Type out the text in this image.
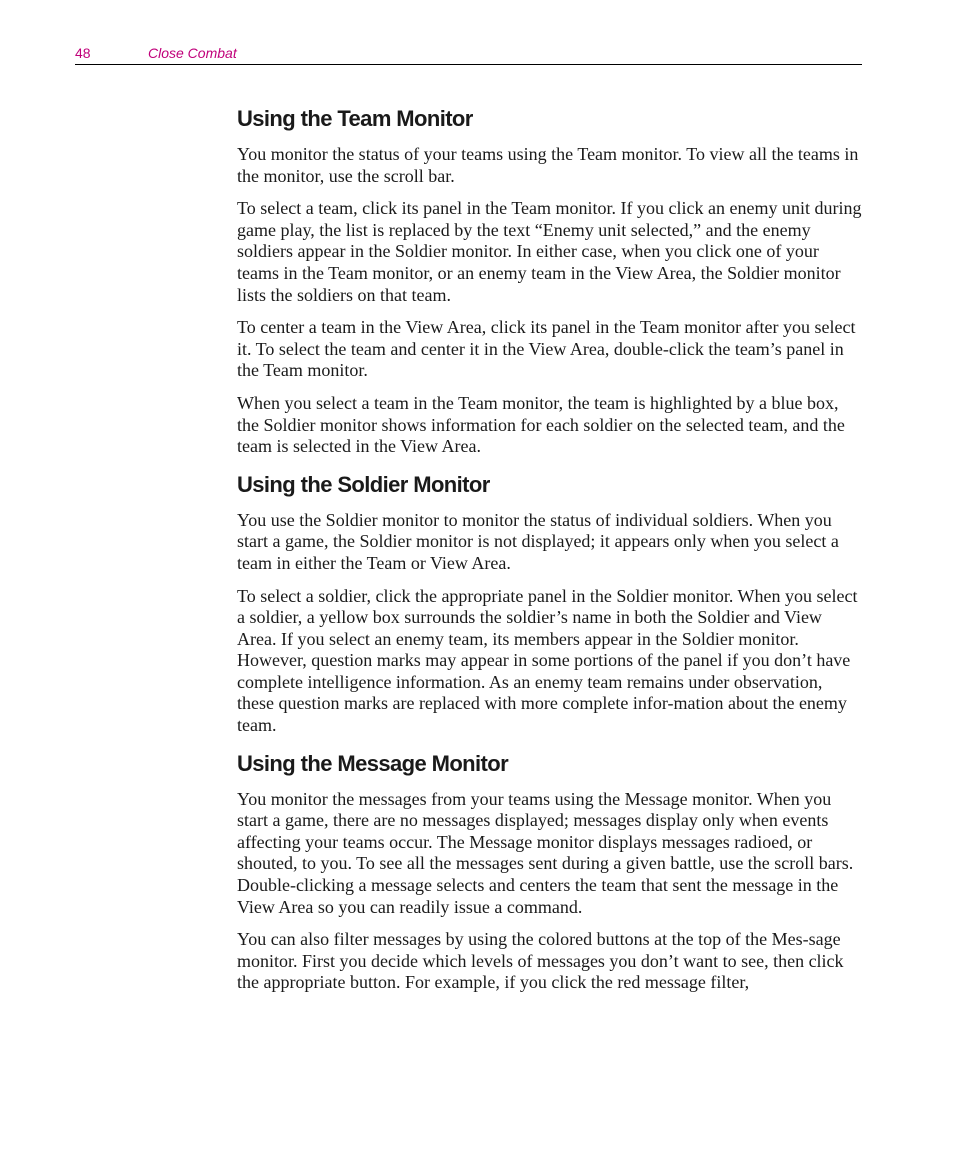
48	Close Combat
Using the Team Monitor

You monitor the status of your teams using the Team monitor. To view all the teams in the monitor, use the scroll bar.

To select a team, click its panel in the Team monitor. If you click an enemy unit during game play, the list is replaced by the text “Enemy unit selected,” and the enemy soldiers appear in the Soldier monitor. In either case, when you click one of your teams in the Team monitor, or an enemy team in the View Area, the Soldier monitor lists the soldiers on that team.

To center a team in the View Area, click its panel in the Team monitor after you select it. To select the team and center it in the View Area, double-click the team’s panel in the Team monitor.

When you select a team in the Team monitor, the team is highlighted by a blue box, the Soldier monitor shows information for each soldier on the selected team, and the team is selected in the View Area.

Using the Soldier Monitor

You use the Soldier monitor to monitor the status of individual soldiers. When you start a game, the Soldier monitor is not displayed; it appears only when you select a team in either the Team or View Area.

To select a soldier, click the appropriate panel in the Soldier monitor. When you select a soldier, a yellow box surrounds the soldier’s name in both the Soldier and View Area. If you select an enemy team, its members appear in the Soldier monitor. However, question marks may appear in some portions of the panel if you don’t have complete intelligence information. As an enemy team remains under observation, these question marks are replaced with more complete infor-mation about the enemy team.

Using the Message Monitor

You monitor the messages from your teams using the Message monitor. When you start a game, there are no messages displayed; messages display only when events affecting your teams occur. The Message monitor displays messages radioed, or shouted, to you. To see all the messages sent during a given battle, use the scroll bars. Double-clicking a message selects and centers the team that sent the message in the View Area so you can readily issue a command.

You can also filter messages by using the colored buttons at the top of the Mes-sage monitor. First you decide which levels of messages you don’t want to see, then click the appropriate button. For example, if you click the red message filter,
